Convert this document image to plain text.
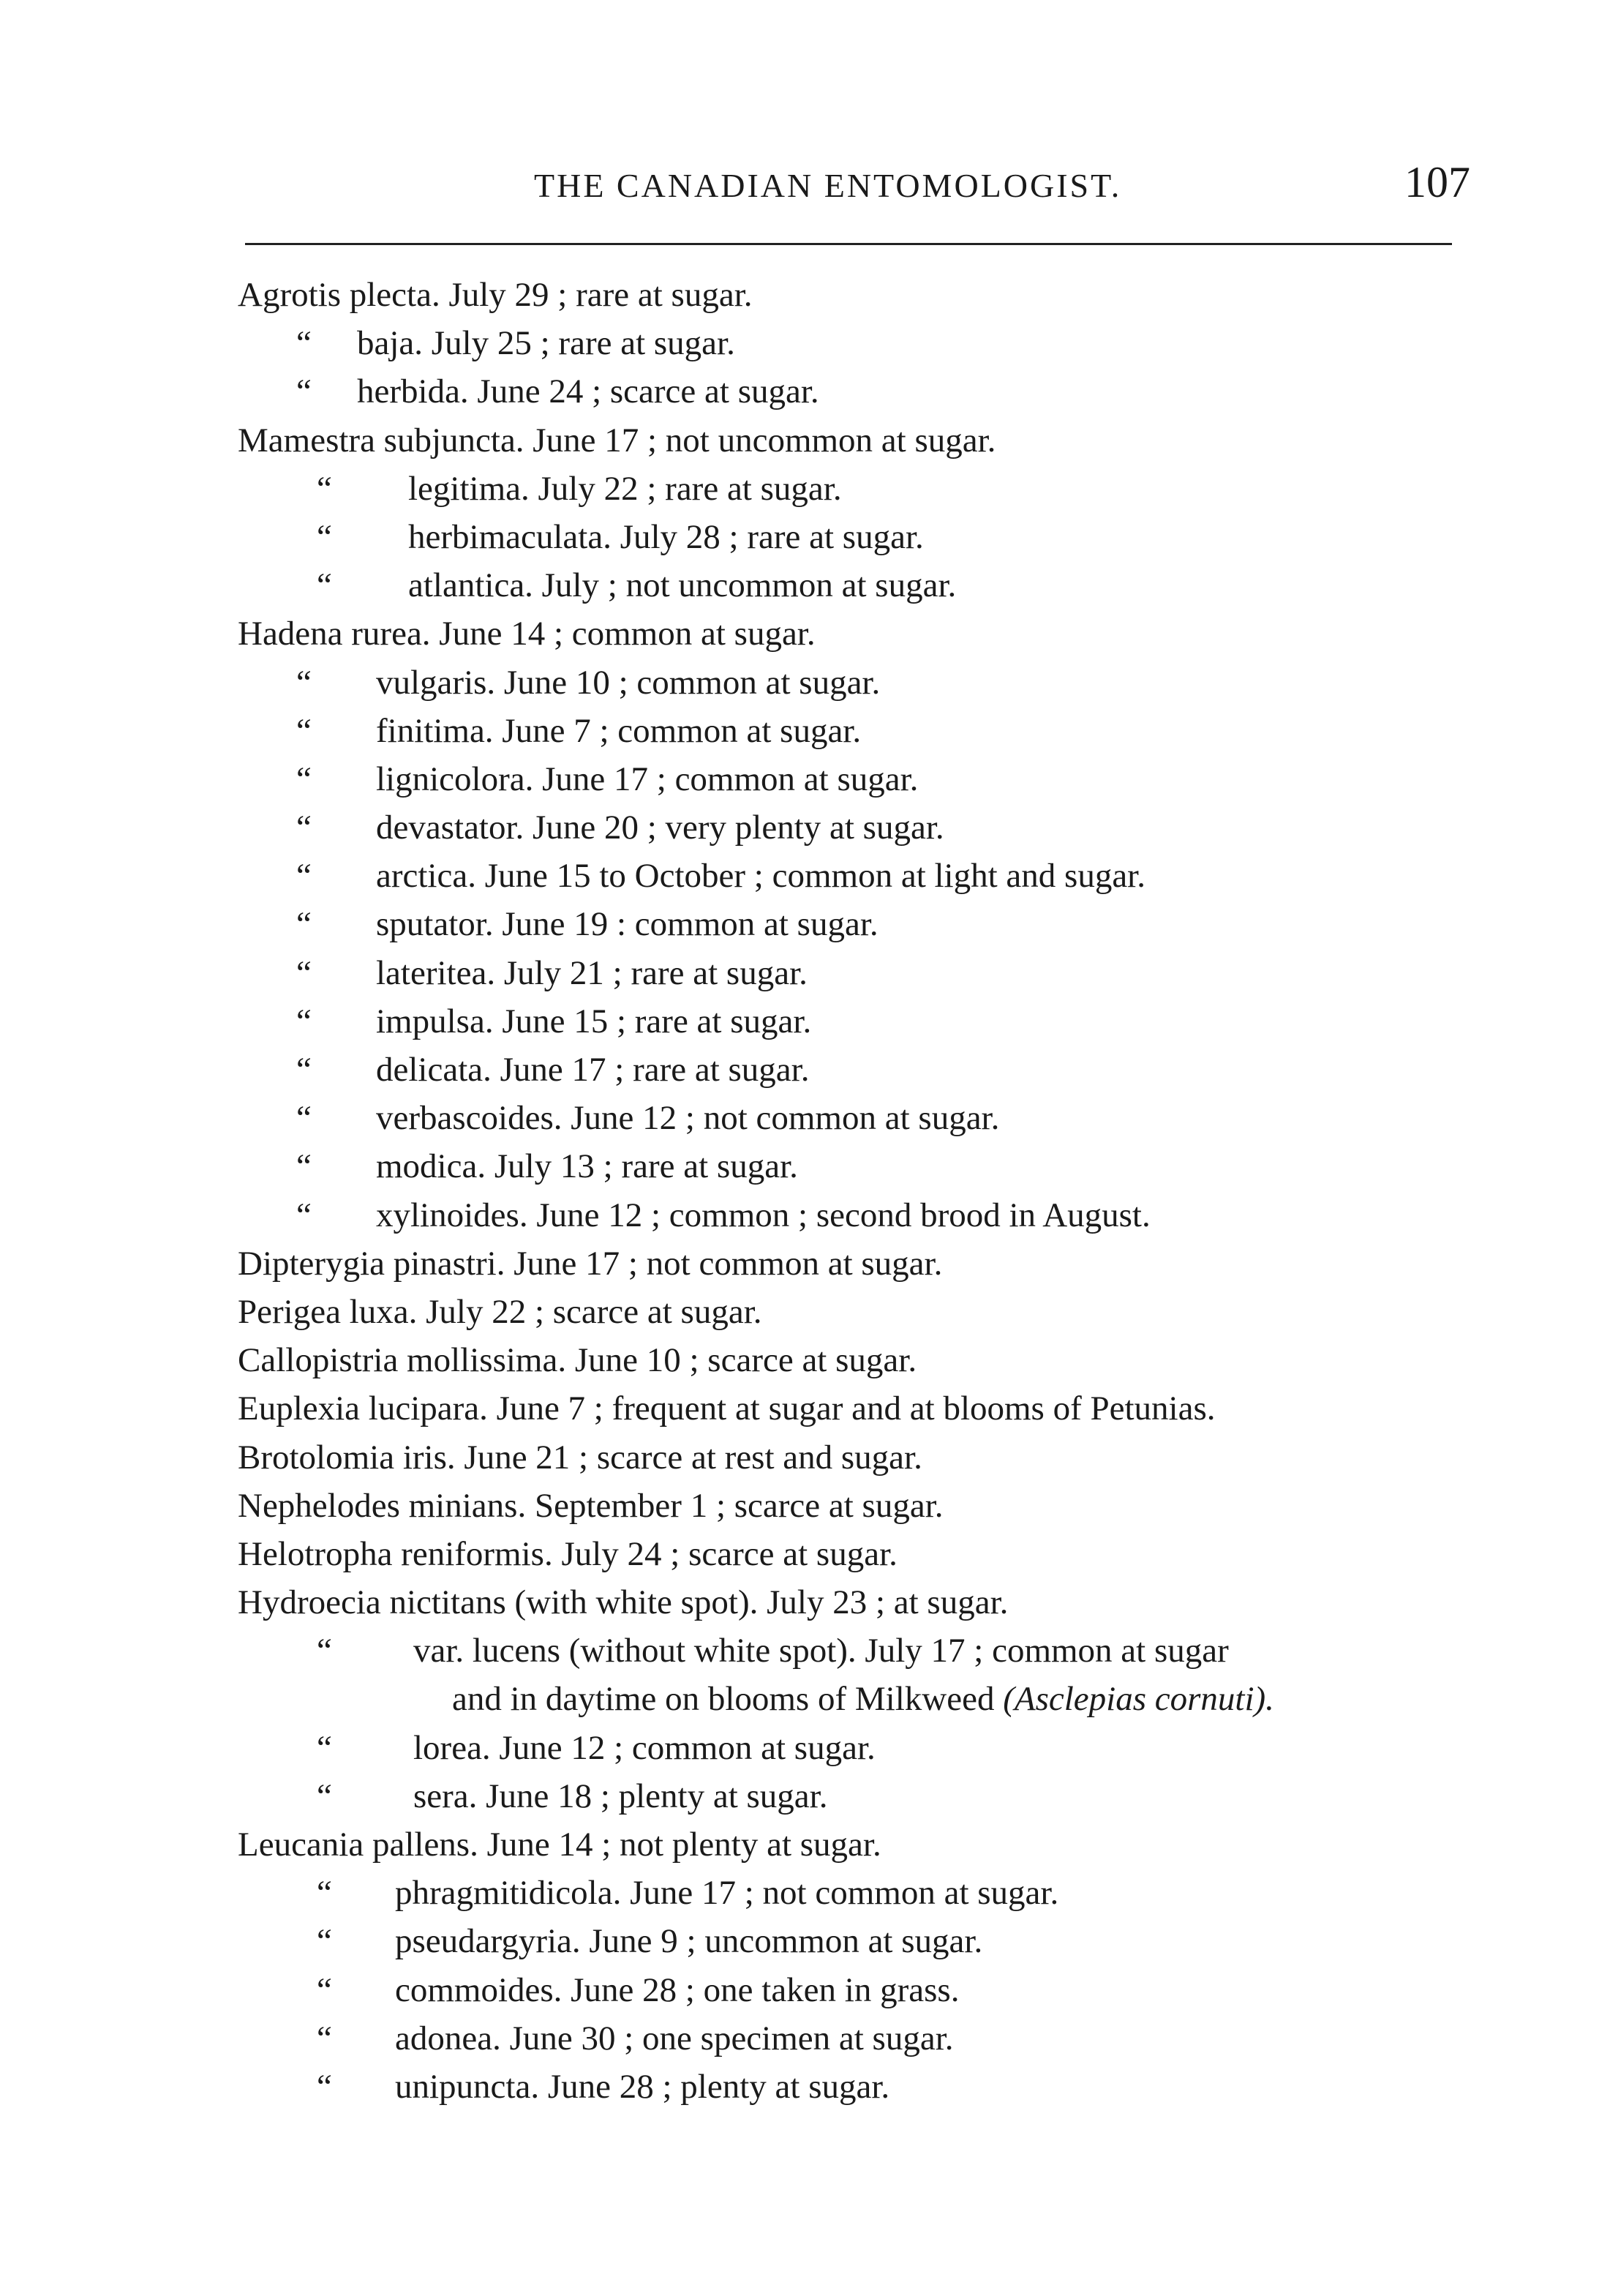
THE CANADIAN ENTOMOLOGIST.	107
Agrotis plecta. July 29 ; rare at sugar.
“ baja. July 25 ; rare at sugar.
“ herbida. June 24 ; scarce at sugar.
Mamestra subjuncta. June 17 ; not uncommon at sugar.
“ legitima. July 22 ; rare at sugar.
“ herbimaculata. July 28 ; rare at sugar.
“ atlantica. July ; not uncommon at sugar.
Hadena rurea. June 14 ; common at sugar.
“ vulgaris. June 10 ; common at sugar.
“ finitima. June 7 ; common at sugar.
“ lignicolora. June 17 ; common at sugar.
“ devastator. June 20 ; very plenty at sugar.
“ arctica. June 15 to October ; common at light and sugar.
“ sputator. June 19 : common at sugar.
“ lateritea. July 21 ; rare at sugar.
“ impulsa. June 15 ; rare at sugar.
“ delicata. June 17 ; rare at sugar.
“ verbascoides. June 12 ; not common at sugar.
“ modica. July 13 ; rare at sugar.
“ xylinoides. June 12 ; common ; second brood in August.
Dipterygia pinastri. June 17 ; not common at sugar.
Perigea luxa. July 22 ; scarce at sugar.
Callopistria mollissima. June 10 ; scarce at sugar.
Euplexia lucipara. June 7 ; frequent at sugar and at blooms of Petunias.
Brotolomia iris. June 21 ; scarce at rest and sugar.
Nephelodes minians. September 1 ; scarce at sugar.
Helotropha reniformis. July 24 ; scarce at sugar.
Hydroecia nictitans (with white spot). July 23 ; at sugar.
“ var. lucens (without white spot). July 17 ; common at sugar
and in daytime on blooms of Milkweed (Asclepias cornuti).
“ lorea. June 12 ; common at sugar.
“ sera. June 18 ; plenty at sugar.
Leucania pallens. June 14 ; not plenty at sugar.
“ phragmitidicola. June 17 ; not common at sugar.
“ pseudargyria. June 9 ; uncommon at sugar.
“ commoides. June 28 ; one taken in grass.
“ adonea. June 30 ; one specimen at sugar.
“ unipuncta. June 28 ; plenty at sugar.
